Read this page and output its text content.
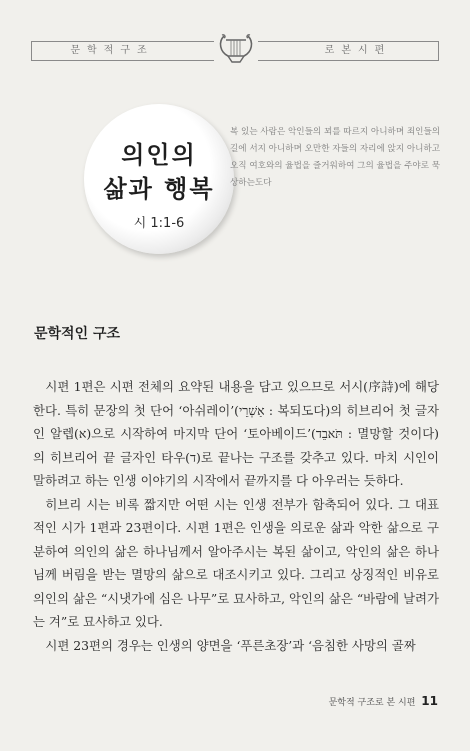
문학적구조	로본시편
의인의
삶과 행복
시 1:1-6
복 있는 사람은 악인들의 꾀를 따르지 아니하며 죄인들의 길에 서지 아니하며 오만한 자들의 자리에 앉지 아니하고 오직 여호와의 율법을 즐거워하여 그의 율법을 주야로 묵상하는도다
문학적인 구조

시편 1편은 시편 전체의 요약된 내용을 담고 있으므로 서시(序詩)에 해당한다. 특히 문장의 첫 단어 ‘아쉬레이’(אַשְׁרֵי : 복되도다)의 히브리어 첫 글자인 알렙(א)으로 시작하여 마지막 단어 ‘토아베이드’(תֹּאבֵד : 멸망할 것이다)의 히브리어 끝 글자인 타우(ד)로 끝나는 구조를 갖추고 있다. 마치 시인이 말하려고 하는 인생 이야기의 시작에서 끝까지를 다 아우러는 듯하다.

히브리 시는 비록 짧지만 어떤 시는 인생 전부가 함축되어 있다. 그 대표적인 시가 1편과 23편이다. 시편 1편은 인생을 의로운 삶과 악한 삶으로 구분하여 의인의 삶은 하나님께서 알아주시는 복된 삶이고, 악인의 삶은 하나님께 버림을 받는 멸망의 삶으로 대조시키고 있다. 그리고 상징적인 비유로 의인의 삶은 “시냇가에 심은 나무”로 묘사하고, 악인의 삶은 “바람에 날려가는 겨”로 묘사하고 있다.

시편 23편의 경우는 인생의 양면을 ‘푸른초장’과 ‘음침한 사망의 골짜

문학적 구조로 본 시편 11
